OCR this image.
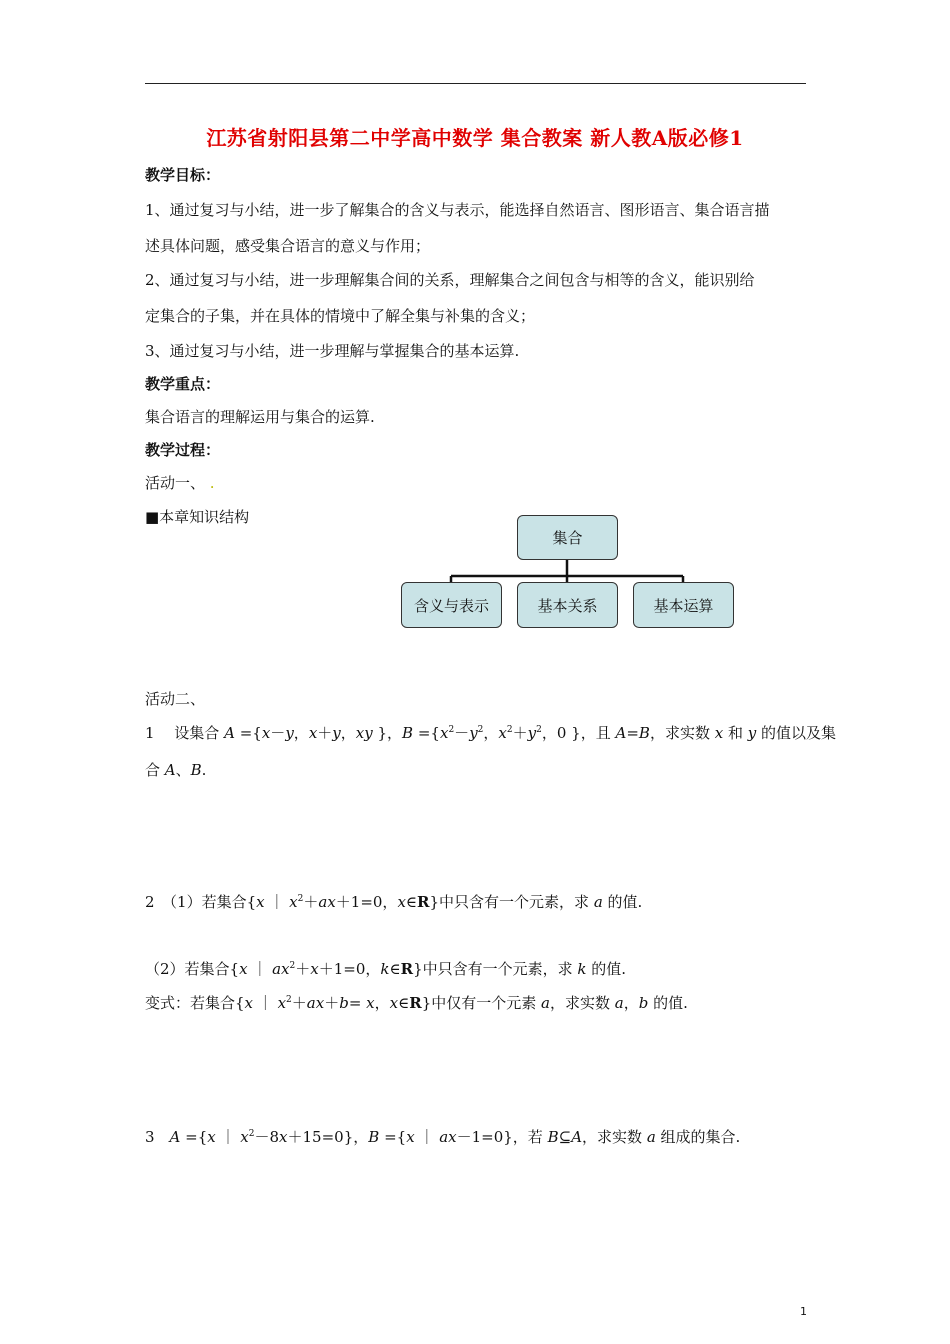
江苏省射阳县第二中学高中数学 集合教案 新人教A版必修1
教学目标：
1、通过复习与小结，进一步了解集合的含义与表示，能选择自然语言、图形语言、集合语言描
述具体问题，感受集合语言的意义与作用；
2、通过复习与小结，进一步理解集合间的关系，理解集合之间包含与相等的含义，能识别给
定集合的子集，并在具体的情境中了解全集与补集的含义；
3、通过复习与小结，进一步理解与掌握集合的基本运算.
教学重点：
集合语言的理解运用与集合的运算.
教学过程：
活动一、 .
■本章知识结构
集合
含义与表示	基本关系	基本运算
活动二、
1　 设集合 A ={x－y，x＋y，xy }，$B =\{x^2-y^2$，$x^2+y^2$，0 }，且 A=B，求实数 x 和 y 的值以及集
合 A、B.
2　（1）若集合{x ｜ $x^2+ax+1=0$，x∈R}中只含有一个元素，求 a 的值.
（2）若集合{x ｜ $ax^2+x+1=0$，k∈R}中只含有一个元素，求 k 的值.
变式：若集合{x ｜ $x^2+ax+b= x$，x∈R}中仅有一个元素 a，求实数 a，b 的值.
3　A ={x ｜ $x^2-8x+15=0$}，B ={x ｜ ax－1=0}，若 B⊆A，求实数 a 组成的集合.
1
